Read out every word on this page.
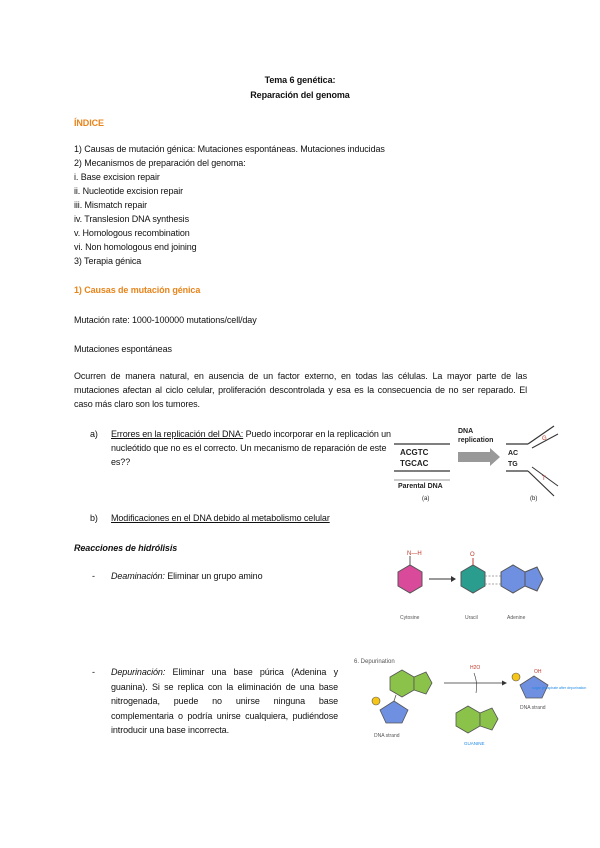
Tema 6 genética:
Reparación del genoma
ÍNDICE
1) Causas de mutación génica: Mutaciones espontáneas. Mutaciones inducidas
2) Mecanismos de preparación del genoma:
i. Base excision repair
ii. Nucleotide excision repair
iii. Mismatch repair
iv. Translesion DNA synthesis
v. Homologous recombination
vi. Non homologous end joining
3) Terapia génica
1) Causas de mutación génica
Mutación rate: 1000-100000 mutations/cell/day
Mutaciones espontáneas
Ocurren de manera natural, en ausencia de un factor externo, en todas las células. La mayor parte de las mutaciones afectan al ciclo celular, proliferación descontrolada y esa es la consecuencia de no ser reparado. El caso más claro son los tumores.
a) Errores en la replicación del DNA: Puedo incorporar en la replicación un nucleótido que no es el correcto. Un mecanismo de reparación de este es??
ACGTC
TGCAC
Parental DNA
(a)
DNA
replication
AC
TG
G
T
(b)
b) Modificaciones en el DNA debido al metabolismo celular
Reacciones de hidrólisis
- Deaminación: Eliminar un grupo amino
N—H
Cytosine
O
Uracil	Adenine
- Depurinación: Eliminar una base púrica (Adenina y guanina). Si se replica con la eliminación de una base nitrogenada, puede no unirse ninguna base complementaria o podría unirse cualquiera, pudiéndose introducir una base incorrecta.
6. Depurination
DNA strand
H2O
GUANINE
OH
sugar phosphate after depurination
DNA strand
